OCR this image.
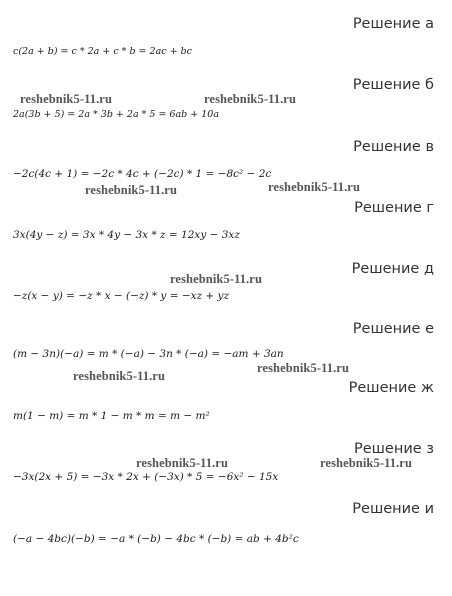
Решение а
c(2a + b) = c * 2a + c * b = 2ac + bc
Решение б
reshebnik5-11.ru	reshebnik5-11.ru
2a(3b + 5) = 2a * 3b + 2a * 5 = 6ab + 10a
Решение в
−2c(4c + 1) = −2c * 4c + (−2c) * 1 = −8c² − 2c
reshebnik5-11.ru	reshebnik5-11.ru
Решение г
3x(4y − z) = 3x * 4y − 3x * z = 12xy − 3xz
Решение д
reshebnik5-11.ru
−z(x − y) = −z * x − (−z) * y = −xz + yz
Решение е
(m − 3n)(−a) = m * (−a) − 3n * (−a) = −am + 3an
reshebnik5-11.ru
reshebnik5-11.ru
Решение ж
m(1 − m) = m * 1 − m * m = m − m²
Решение з
reshebnik5-11.ru	reshebnik5-11.ru
−3x(2x + 5) = −3x * 2x + (−3x) * 5 = −6x² − 15x
Решение и
(−a − 4bc)(−b) = −a * (−b) − 4bc * (−b) = ab + 4b²c
